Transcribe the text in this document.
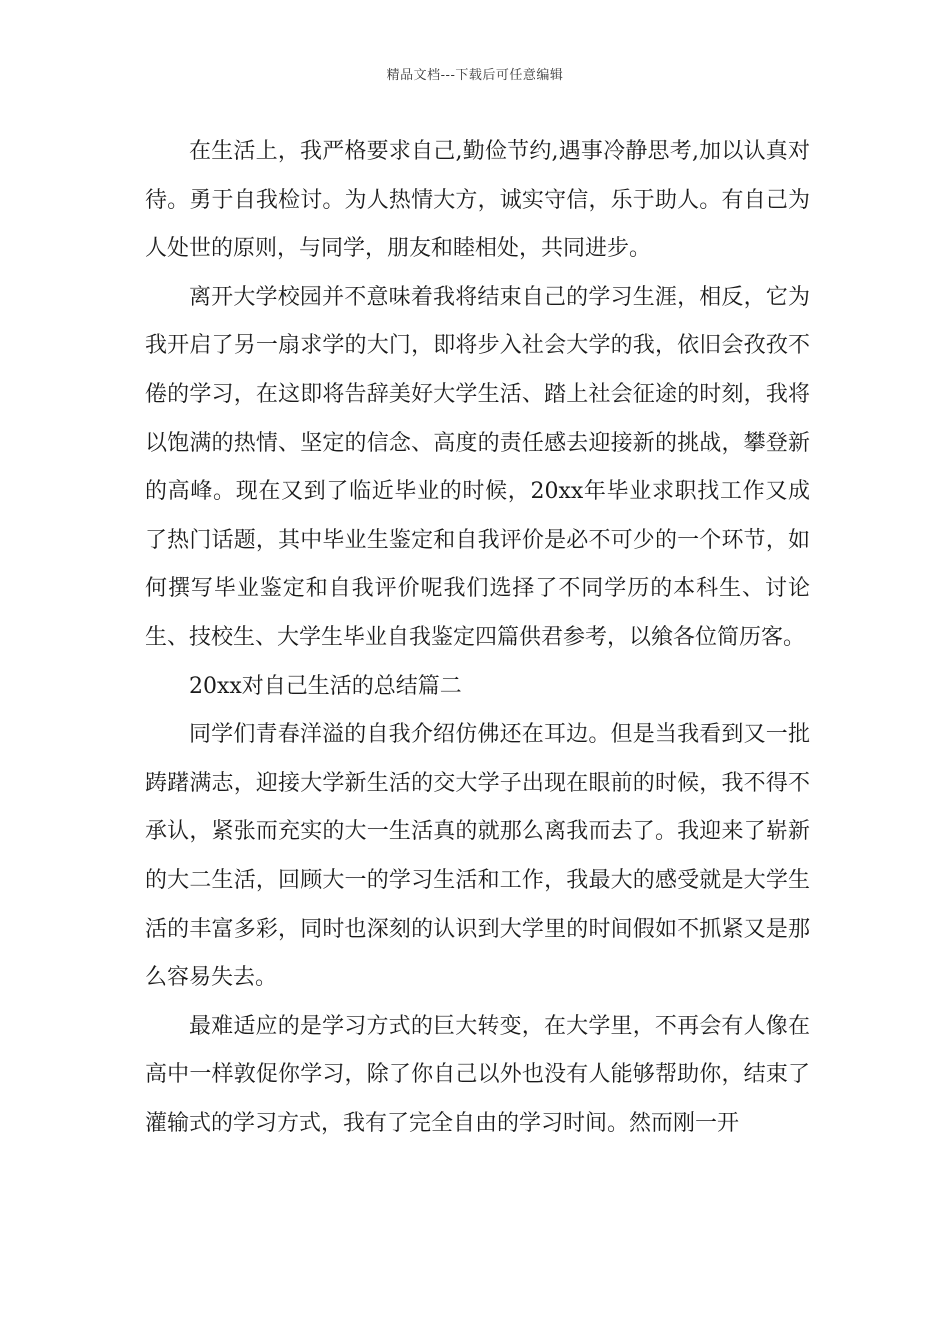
精品文档---下载后可任意编辑

在生活上，我严格要求自己,勤俭节约,遇事冷静思考,加以认真对待。勇于自我检讨。为人热情大方，诚实守信，乐于助人。有自己为人处世的原则，与同学，朋友和睦相处，共同进步。

离开大学校园并不意味着我将结束自己的学习生涯，相反，它为我开启了另一扇求学的大门，即将步入社会大学的我，依旧会孜孜不倦的学习，在这即将告辞美好大学生活、踏上社会征途的时刻，我将以饱满的热情、坚定的信念、高度的责任感去迎接新的挑战，攀登新的高峰。现在又到了临近毕业的时候，20xx年毕业求职找工作又成了热门话题，其中毕业生鉴定和自我评价是必不可少的一个环节，如何撰写毕业鉴定和自我评价呢我们选择了不同学历的本科生、讨论生、技校生、大学生毕业自我鉴定四篇供君参考，以飨各位简历客。

20xx对自己生活的总结篇二

同学们青春洋溢的自我介绍仿佛还在耳边。但是当我看到又一批踌躇满志，迎接大学新生活的交大学子出现在眼前的时候，我不得不承认，紧张而充实的大一生活真的就那么离我而去了。我迎来了崭新的大二生活，回顾大一的学习生活和工作，我最大的感受就是大学生活的丰富多彩，同时也深刻的认识到大学里的时间假如不抓紧又是那么容易失去。

最难适应的是学习方式的巨大转变，在大学里，不再会有人像在高中一样敦促你学习，除了你自己以外也没有人能够帮助你，结束了灌输式的学习方式，我有了完全自由的学习时间。然而刚一开
